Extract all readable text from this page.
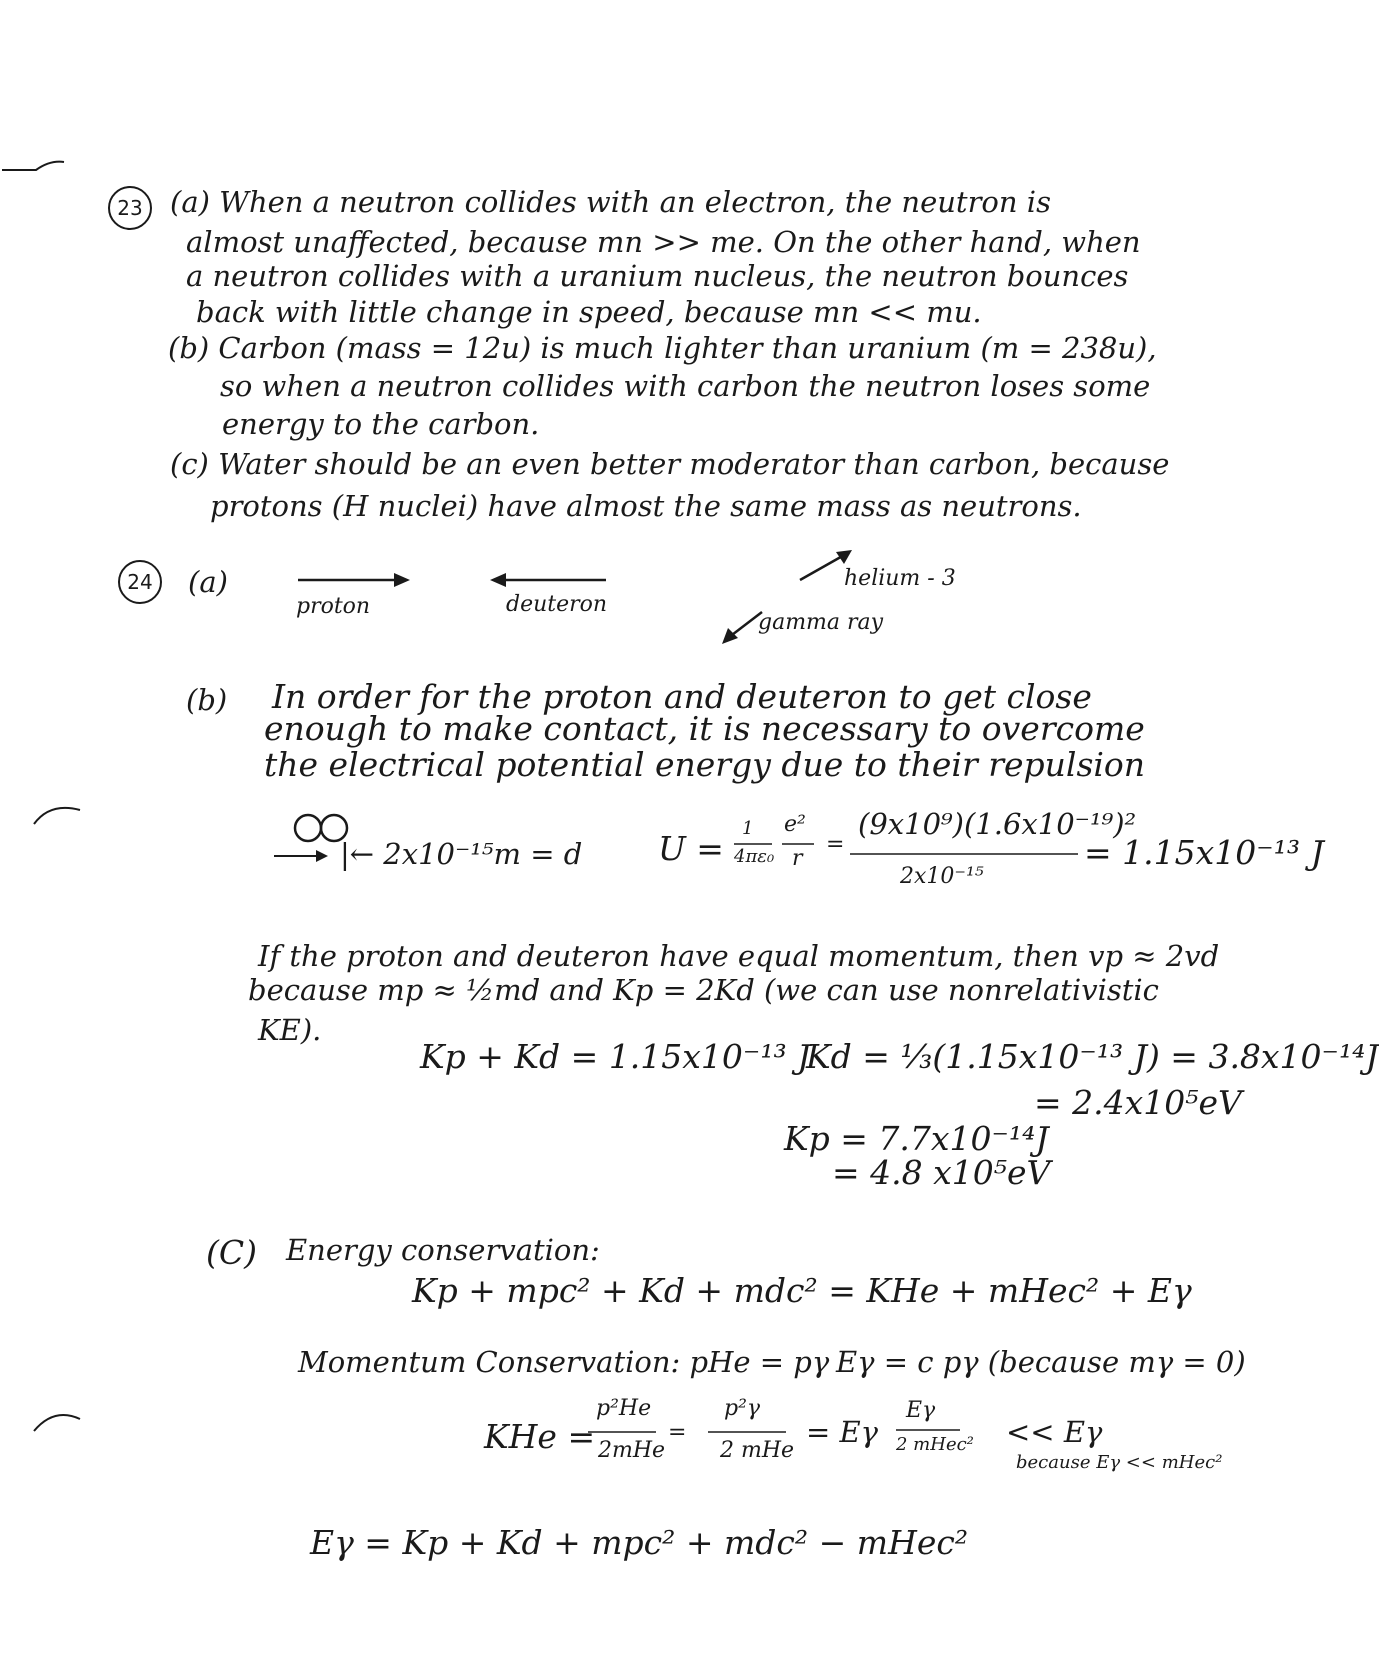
23 (a) When a neutron collides with an electron, the neutron is
almost unaffected, because mn >> me. On the other hand, when
a neutron collides with a uranium nucleus, the neutron bounces
back with little change in speed, because mn << mu.
(b) Carbon (mass = 12u) is much lighter than uranium (m = 238u),
so when a neutron collides with carbon the neutron loses some
energy to the carbon.
(c) Water should be an even better moderator than carbon, because
protons (H nuclei) have almost the same mass as neutrons.
24	(a)
proton	deuteron
helium - 3
gamma ray
(b) In order for the proton and deuteron to get close
enough to make contact, it is necessary to overcome
the electrical potential energy due to their repulsion
|← 2x10⁻¹⁵m = d U =
1
4πε₀
e²
r
=
(9x10⁹)(1.6x10⁻¹⁹)²
2x10⁻¹⁵
= 1.15x10⁻¹³ J
If the proton and deuteron have equal momentum, then vp ≈ 2vd
because mp ≈ ½md and Kp = 2Kd (we can use nonrelativistic
KE).
Kp + Kd = 1.15x10⁻¹³ J
Kd = ⅓(1.15x10⁻¹³ J) = 3.8x10⁻¹⁴J
= 2.4x10⁵eV
Kp = 7.7x10⁻¹⁴J
= 4.8 x10⁵eV
(C) Energy conservation:
Kp + mpc² + Kd + mdc² = KHe + mHec² + Eγ
Momentum Conservation: pHe = pγ Eγ = c pγ (because mγ = 0)
KHe =
p²He
2mHe
=
p²γ
2 mHe
= Eγ
Eγ
2 mHec² << Eγ
because Eγ << mHec²
Eγ = Kp + Kd + mpc² + mdc² − mHec²
